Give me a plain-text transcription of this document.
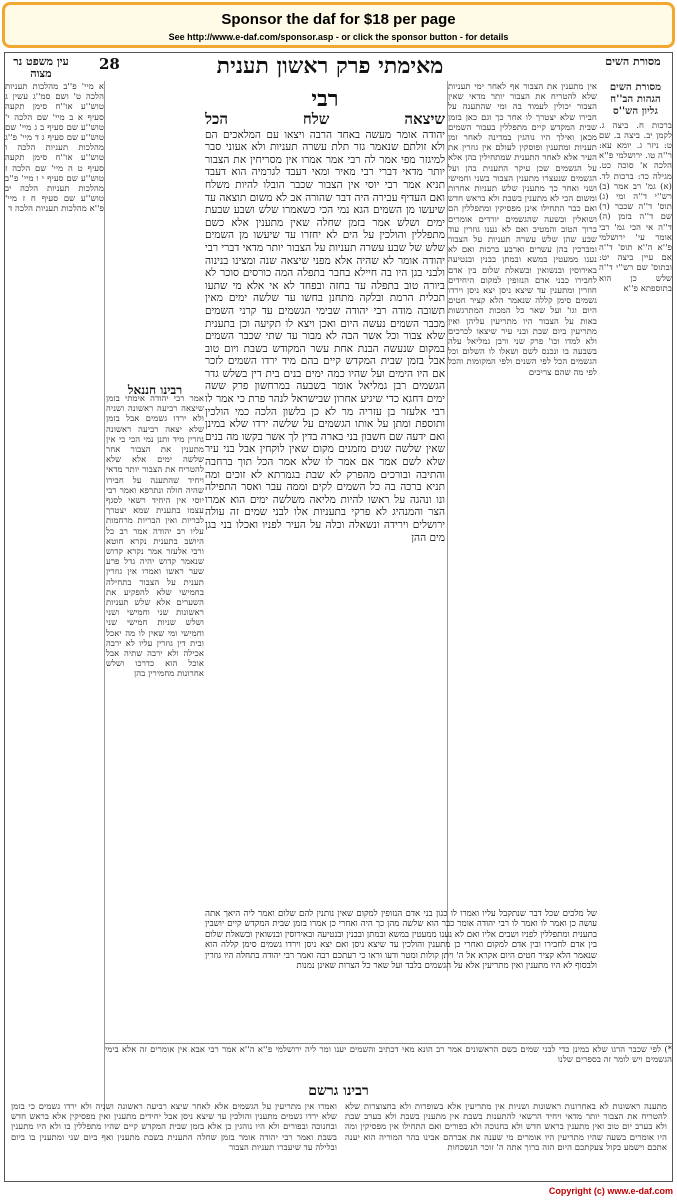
Sponsor the daf for $18 per page
See http://www.e-daf.com/sponsor.asp - or click the sponsor button - for details
עין משפט נר מצוה
28	מאימתי פרק ראשון תענית	מסורת השים
א מיי' פ''ב מהלכות תעניות הלכה ט' ושם סמ''ג עשין ג טוש''ע או''ח סימן תקעה סעיף א ב מיי' שם הלכה י' טוש''ע שם סעיף ב ג מיי' שם טוש''ע שם סעיף ג ד מיי' פ''ג מהלכות תעניות הלכה ו טוש''ע או''ח סימן תקעה סעיף ט ה מיי' שם הלכה ז טוש''ע שם סעיף י ו מיי' פ''ב מהלכות תעניות הלכה יב טוש''ע שם סעיף ח ז מיי' פ''א מהלכות תעניות הלכה ד
רבינו חננאל
אמר רבי יהודה אימתי בזמן שיצאה רביעה ראשונה ושניה ולא ירדו גשמים אבל בזמן שלא יצאה רביעה ראשונה גוזרין מיד ותנן נמי הכי כי אין מתענין את הצבור אחר שלשה ימים אלא שלא להטריח את הצבור יותר מדאי ויחיד שהתענה על חבירו שהיה חולה ונתרפא ואמר רבי יוסי אין היחיד רשאי לסגף עצמו בתענית שמא יצטרך לבריות ואין הבריות מרחמות עליו רב יהודה אמר רב כל היושב בתענית נקרא חוטא ורבי אלעזר אמר נקרא קדוש שנאמר קדוש יהיה גדל פרע שער ראשו ואמרו אין גוזרין תענית על הצבור בתחילה בחמישי שלא להפקיע את השערים אלא שלש תעניות ראשונות שני וחמישי ושני ושלש שניות חמישי שני וחמישי ומי שאין לו מה יאכל ובית דין גוזרין עליו לא ירבה אכילה ולא ירבה שתיה אבל אוכל הוא כדרכו ושלש אחרונות מחמירין בהן
רבי
שיצאה
שלח
הכל
יהודה אומר מעשה באחד הרבה ויצאו עם המלאכים הם ולא זולתם שנאמר גזר תלת עשרה תעניות ולא אעוני סבר למיגזר מפי אמר לה רבי אמר אמרו אין מסריחין את הצבור יותר מדאי דברי רבי מאיר ומאי דעבד לגרמיה הוא דעבד תניא אמר רבי יוסי אין הצבור שכבר הובלו להיות משלח ואם העדיף עבירה היה דבר שהורה אב לא משום תוצאה עד שיעשו מן השמים הגא נמי הכי כשאמרו שלש ושבע שבעת ימים ושלש אמר בזמן שחלה שאין מתענין אלא כשם מתפללין והולכין על הים לא יחזרו עד שיעשו מן השמים שלש של שבע עשרה תעניות על הצבור יותר מדאי דברי רבי יהודה אומר לא שהיה אלא מפני שיצאה שנה ומצינו בנינוה ולבני בגן היו בה חיילא בחבר בתפלה המה כורסים סוכר לא ביורה טוב בתפלה עד בחזה ובפחד לא אי אלא מי שתעו תכלית הרמת ובלקה מתחנן בחשו עד שלשה ימים מאין תשובה מודה רבי יהודה שבימי הגשמים עד קרני השמים מכבר השמים נעשה היום ואכן ויצא לו תקיעה וכן בתענית שלא צבור וכל אשר הבה לא מבור עד שתי שכבר השמים במקום שנעשה הבנת אחת עשר המקודש בשבת ויום טוב אבל בזמן שבית המקדש קיים בהם מיד ירדו השמים לזכר אם היו הימים ועל שהיו כמה ימים בנים בית דין בשלש גדר הגשמים רבן גמליאל אומר בשבעה במרחשון פרק ששה ימים דחגא כדי שיגיע אחרון שבישראל לנהר פרת כי אמר לו רבי אלעזר בן עזריה מר לא כן בלשון הלכה כמי הולכין ותוספת ומתן על אותו הגשמים על שלשה ירדו שלא במינן ואם ידעה שם חשבון בני בארה בדין לך אשר בקשו מה בנים שאין שלשה שנים מזמנים מקום שאין לוקחין אבל בני עיר שלא לשם אמר אם אמר לו שלא אמר הכל תוך ברחבה והתיבה ובורכים מהפרק לא שבת בגמרתא לא זוכים ומה תניא ברכה בה כל השמים לקים וממה עבר ואסר התפילה ונו ונהגה על ראשו להיות מליאה משלשה ימים הוא אמרו הצר והמנהיג לא פרקי בתעניות אלו לבני שמים זה עולה ירושלים וירידה ונשאלה וכלה על העיר לפניו ואכלו בני בגן מים ההן
אין מתענין את הצבור אף לאחר ימי תעניות שלא להטריח את הצבור יותר מדאי שאין הצבור יכולין לעמוד בה ומי שהתענה על חבירו שלא יצטרך לו אחר כך וגם כאן בזמן שבית המקדש קיים מתפללין בעבור השמים מכאן ואילך היו נוהגין במדינה לאחר זמן תעניות ומתענין ופוסקין לעולם אין גוזרין את העיר אלא לאחר התענית שמתחילין בהן אלא על הגשמים שכן עיקר התענית בהן ועל הגשמים שנעצרו מתענין הצבור בשני וחמישי ושני ואחר כך מתענין שלש תעניות אחרות ומשום הכי לא מתענין בשבת ולא בראש חדש ואם כבר התחילו אינן מפסיקין ומתפללין הם ושואלין ובשעה שהגשמים יורדים אומרים ברוך הטוב והמטיב ואם לא נענו גוזרין עוד שבע שהן שלש עשרה תעניות על הצבור ומברכין בהן עשרים וארבע ברכות ואם לא נענו ממעטין במשא ובמתן בבנין ובנטיעה באירוסין ובנשואין ובשאלת שלום בין אדם לחבירו כבני אדם הנזופין למקום היחידים חוזרין ומתענין עד שיצא ניסן יצא ניסן וירדו גשמים סימן קללה שנאמר הלא קציר חטים היום וגו' ועל שאר כל המכות המתרגשות באות על הצבור היו מתריעין עליהן ואין מתריעין ביום שבת ובני עיר שיצאו לכרכים ולא למדו וכו' פרק שני ורבן גמליאל עלה בשבעה בו ונכנס לשם ושאלו לו השלום וכל הגשמים הכל לפי השנים ולפי המקומות והכל לפי מה שהם צריכים
מסורת השים
הגהות הב''ח
גליון הש''ס
ברכות ח. ביצה ג. לקמן יב. ביצה ב. שם ט: ניזר ג. יומא עא: ר''ה טו. ירושלמי פ''א הלכה א' סוכה כט. מגילה כד: ברכות לד. (א) גמ' רב אמר (ב) רש''י ד''ה ומי (ג) תוס' ד''ה שכבר (ד) שם ד''ה בזמן (ה) ד''ה אי הכי גמ' רבי אומר עי' ירושלמי פ''א ה''א תוס' ד''ה אם עיין ביצה יט: ובתוס' שם רש''י ד''ה שלש כן הוא בתוספתא פ''א
של מלכים שכל דבר שנתקבל עליו ואמרו לו כגון בני אדם הנזופין למקום שאין נותנין להם שלום ואמר ליה היאך אתה עושה כן ואמר לו ואמר לו רבי יהודה אומר כבר הוא שלשה מהן כך היה ואחרי כן אמרו בזמן שבית המקדש קיים יושבין בתענית ומתפללין לפניו ושבים אליו ואם לא נענו ממעטין במשא ובמתן ובבנין ובנטיעה ובאירוסין ובנשואין ובשאלת שלום בין אדם לחבירו ובין אדם למקום ואחרי כן מתענין והולכין עד שיצא ניסן ואם יצא ניסן וירדו גשמים סימן קללה הוא שנאמר הלא קציר חטים היום אקרא אל ה' ויתן קולות ומטר ודעו וראו כי רעתכם רבה ואמר רבי יהודה בתחלה היו גוזרין ולבסוף לא היו מתענין ואין מתריעין אלא על הגשמים בלבד ועל שאר כל הצרות שאינן נמנות
*) לפי שכבר הרגו שלא במינן כדי לבני שמים בשם הראשונים אמר רב הונא מאי דכתיב והשמים יענו ומר ליה ירושלמי פ''א ה''א אמר רבי אבא אין אומרים זה אלא בימי הגשמים ויש לומר זה בספרים שלנו
רבינו גרשם
מתענה ראשונות לא באחרונות ראשונות ושניות אין מתריעין אלא בשופרות ולא בחצוצרות שלא להטריח את הצבור יותר מדאי ויחיד הרשאי להתענות בשבת אין מתענין בשבת ולא בערב שבת ולא בערב יום טוב ואין מתענין בראש חדש ולא בחנוכה ולא בפורים ואם התחילו אין מפסיקין ומה היו אומרים בשעה שהיו מתריעין היו אומרים מי שענה את אברהם אבינו בהר המוריה הוא יענה אתכם וישמע בקול צעקתכם היום הזה ברוך אתה ה' זוכר הנשכחות
ואמרו אין מתריעין על הגשמים אלא לאחר שיצא רביעה ראשונה ושניה ולא ירדו גשמים כי בזמן שלא ירדו גשמים מתענין והולכין עד שיצא ניסן אבל יחידים מתענין ואין מפסיקין אלא בראש חדש ובחנוכה ובפורים ולא היו נוהגין כן אלא בזמן שבית המקדש קיים שהיו מתפללין בו ולא היו מתענין בשבת ואמר רבי יהודה אומר בזמן שחלה התענית בשבת מתענין ואף ביום שני ומתענין בו ביום ובלילה עד שיעברו תעניות הצבור
Copyright (c) www.e-daf.com
